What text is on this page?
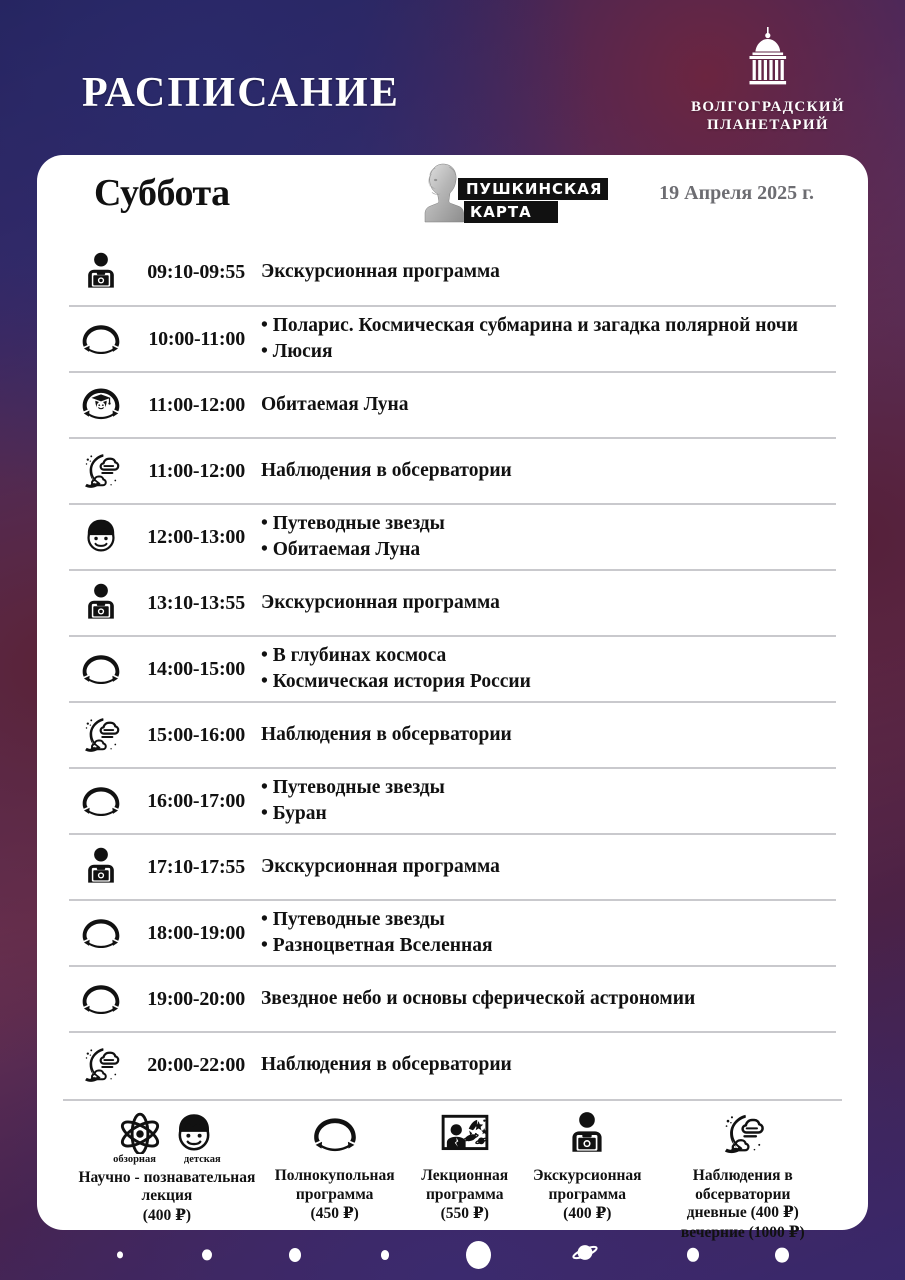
РАСПИСАНИЕ	ВОЛГОГРАДСКИЙ
ПЛАНЕТАРИЙ
Суббота	ПУШКИНСКАЯ
КАРТА
19 Апреля 2025 г.
09:10-09:55 Экскурсионная программа
10:00-11:00
• Поларис. Космическая субмарина и загадка полярной ночи
• Люсия
11:00-12:00 Обитаемая Луна
11:00-12:00 Наблюдения в обсерватории
12:00-13:00
• Путеводные звезды
• Обитаемая Луна
13:10-13:55 Экскурсионная программа
14:00-15:00
• В глубинах космоса
• Космическая история России
15:00-16:00 Наблюдения в обсерватории
16:00-17:00
• Путеводные звезды
• Буран
17:10-17:55 Экскурсионная программа
18:00-19:00
• Путеводные звезды
• Разноцветная Вселенная
19:00-20:00 Звездное небо и основы сферической астрономии
20:00-22:00 Наблюдения в обсерватории
обзорная	детская
Научно - познавательная
лекция
(400 ₽)
Полнокупольная
программа
(450 ₽)
Лекционная
программа
(550 ₽)
Экскурсионная
программа
(400 ₽)
Наблюдения в обсерватории
дневные (400 ₽)
вечерние (1000 ₽)
